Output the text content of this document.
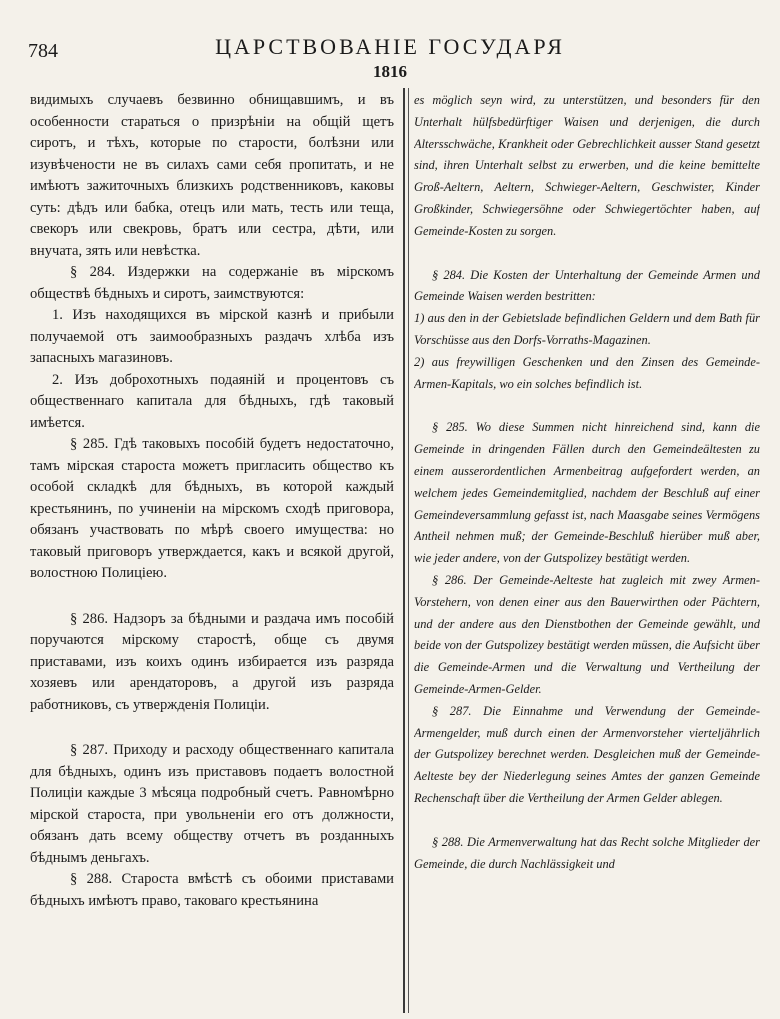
784	ЦАРСТВОВАНІЕ ГОСУДАРЯ
1816

видимыхъ случаевъ безвинно обнищавшимъ, и въ особенности стараться о призрѣніи на общій щетъ сиротъ, и тѣхъ, которые по старости, болѣзни или изувѣчености не въ силахъ сами себя пропитать, и не имѣютъ зажиточныхъ близкихъ родственниковъ, каковы суть: дѣдъ или бабка, отецъ или мать, тесть или теща, свекоръ или свекровь, братъ или сестра, дѣти, или внучата, зять или невѣстка.

§ 284. Издержки на содержаніе въ мірскомъ обществѣ бѣдныхъ и сиротъ, заимствуются:

1. Изъ находящихся въ мірской казнѣ и прибыли получаемой отъ заимообразныхъ раздачъ хлѣба изъ запасныхъ магазиновъ.

2. Изъ доброхотныхъ подаяній и процентовъ съ общественнаго капитала для бѣдныхъ, гдѣ таковый имѣется.

§ 285. Гдѣ таковыхъ пособій будетъ недостаточно, тамъ мірская староста можетъ пригласить общество къ особой складкѣ для бѣдныхъ, въ которой каждый крестьянинъ, по учиненіи на мірскомъ сходѣ приговора, обязанъ участвовать по мѣрѣ своего имущества: но таковый приговоръ утверждается, какъ и всякой другой, волостною Полиціею.

§ 286. Надзоръ за бѣдными и раздача имъ пособій поручаются мірскому старостѣ, обще съ двумя приставами, изъ коихъ одинъ избирается изъ разряда хозяевъ или арендаторовъ, а другой изъ разряда работниковъ, съ утвержденія Полиціи.

§ 287. Приходу и расходу общественнаго капитала для бѣдныхъ, одинъ изъ приставовъ подаетъ волостной Полиціи каждые 3 мѣсяца подробный счетъ. Равномѣрно мірской староста, при увольненіи его отъ должности, обязанъ дать всему обществу отчетъ въ розданныхъ бѣднымъ деньгахъ.

§ 288. Староста вмѣстѣ съ обоими приставами бѣдныхъ имѣютъ право, таковаго крестьянина

es möglich seyn wird, zu unterstützen, und besonders für den Unterhalt hülfsbedürftiger Waisen und derjenigen, die durch Altersschwäche, Krankheit oder Gebrechlichkeit ausser Stand gesetzt sind, ihren Unterhalt selbst zu erwerben, und die keine bemittelte Groß-Aeltern, Aeltern, Schwieger-Aeltern, Geschwister, Kinder Großkinder, Schwiegersöhne oder Schwiegertöchter haben, auf Gemeinde-Kosten zu sorgen.

§ 284. Die Kosten der Unterhaltung der Gemeinde Armen und Gemeinde Waisen werden bestritten:

1) aus den in der Gebietslade befindlichen Geldern und dem Bath für Vorschüsse aus den Dorfs-Vorraths-Magazinen.

2) aus freywilligen Geschenken und den Zinsen des Gemeinde-Armen-Kapitals, wo ein solches befindlich ist.

§ 285. Wo diese Summen nicht hinreichend sind, kann die Gemeinde in dringenden Fällen durch den Gemeindeältesten zu einem ausserordentlichen Armenbeitrag aufgefordert werden, an welchem jedes Gemeindemitglied, nachdem der Beschluß auf einer Gemeindeversammlung gefasst ist, nach Maasgabe seines Vermögens Antheil nehmen muß; der Gemeinde-Beschluß hierüber muß aber, wie jeder andere, von der Gutspolizey bestätigt werden.

§ 286. Der Gemeinde-Aelteste hat zugleich mit zwey Armen-Vorstehern, von denen einer aus den Bauerwirthen oder Pächtern, und der andere aus den Dienstbothen der Gemeinde gewählt, und beide von der Gutspolizey bestätigt werden müssen, die Aufsicht über die Gemeinde-Armen und die Verwaltung und Vertheilung der Gemeinde-Armen-Gelder.

§ 287. Die Einnahme und Verwendung der Gemeinde-Armengelder, muß durch einen der Armenvorsteher vierteljährlich der Gutspolizey berechnet werden. Desgleichen muß der Gemeinde-Aelteste bey der Niederlegung seines Amtes der ganzen Gemeinde Rechenschaft über die Vertheilung der Armen Gelder ablegen.

§ 288. Die Armenverwaltung hat das Recht solche Mitglieder der Gemeinde, die durch Nachlässigkeit und
